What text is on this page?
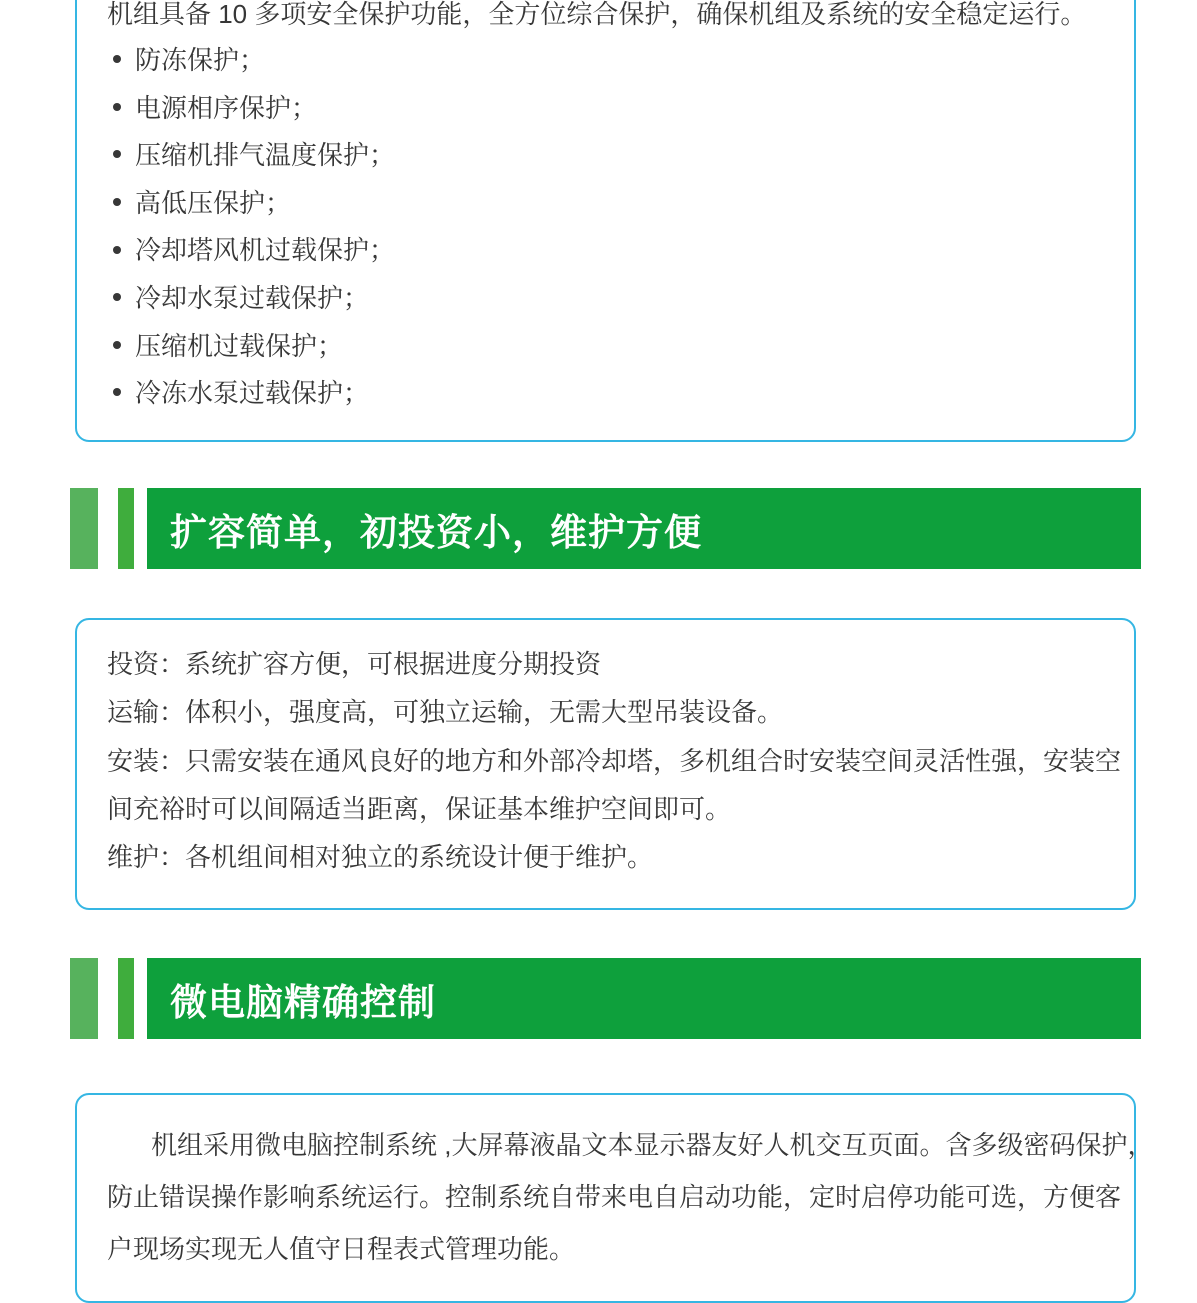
机组具备 10 多项安全保护功能，全方位综合保护，确保机组及系统的安全稳定运行。

防冻保护；
电源相序保护；
压缩机排气温度保护；
高低压保护；
冷却塔风机过载保护；
冷却水泵过载保护；
压缩机过载保护；
冷冻水泵过载保护；
扩容简单，初投资小，维护方便
投资：系统扩容方便，可根据进度分期投资
运输：体积小，强度高，可独立运输，无需大型吊装设备。
安装：只需安装在通风良好的地方和外部冷却塔，多机组合时安装空间灵活性强，安装空
间充裕时可以间隔适当距离，保证基本维护空间即可。
维护：各机组间相对独立的系统设计便于维护。
微电脑精确控制
机组采用微电脑控制系统 ,大屏幕液晶文本显示器友好人机交互页面。含多级密码保护，
防止错误操作影响系统运行。控制系统自带来电自启动功能，定时启停功能可选，方便客
户现场实现无人值守日程表式管理功能。
